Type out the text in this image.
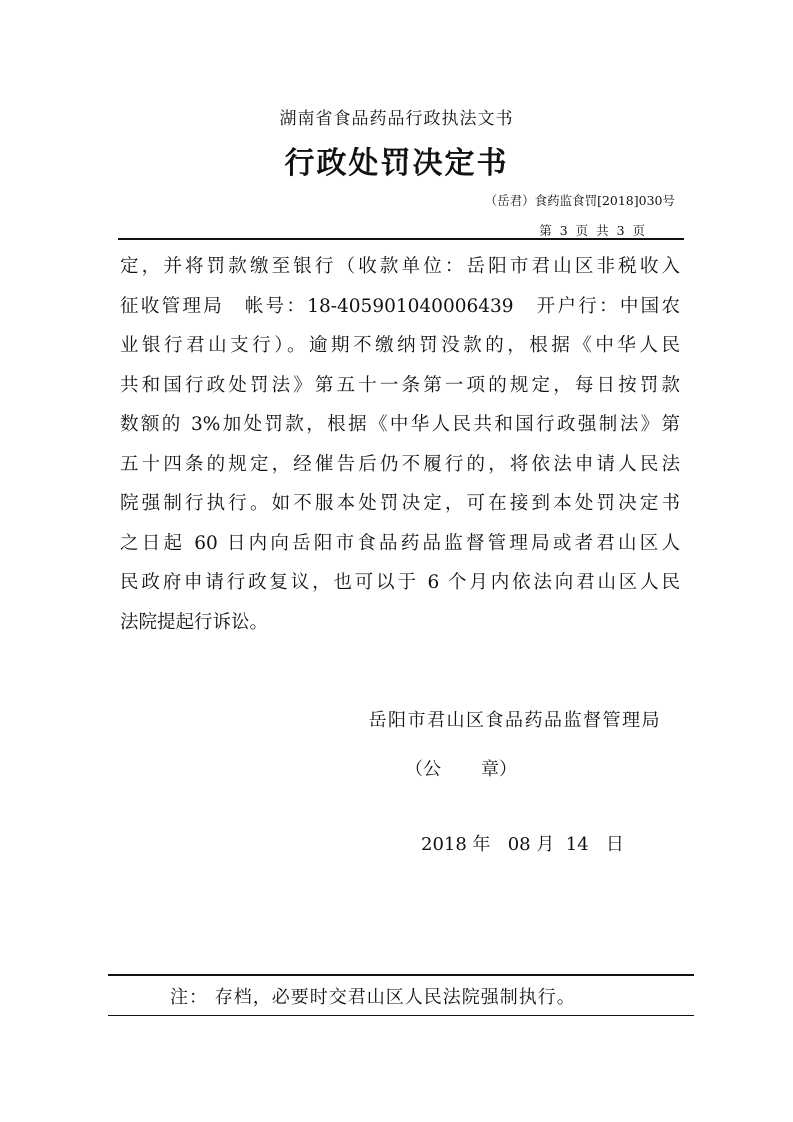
湖南省食品药品行政执法文书
行政处罚决定书
（岳君）食药监食罚[2018]030号
第 3 页 共 3 页
定，并将罚款缴至银行（收款单位：岳阳市君山区非税收入
征收管理局　帐号：18-405901040006439　开户行：中国农
业银行君山支行）。逾期不缴纳罚没款的，根据《中华人民
共和国行政处罚法》第五十一条第一项的规定，每日按罚款
数额的 3%加处罚款，根据《中华人民共和国行政强制法》第
五十四条的规定，经催告后仍不履行的，将依法申请人民法
院强制行执行。如不服本处罚决定，可在接到本处罚决定书
之日起 60 日内向岳阳市食品药品监督管理局或者君山区人
民政府申请行政复议，也可以于 6 个月内依法向君山区人民
法院提起行诉讼。
岳阳市君山区食品药品监督管理局
（公 章）
2018 年   08 月  14   日
注： 存档，必要时交君山区人民法院强制执行。
